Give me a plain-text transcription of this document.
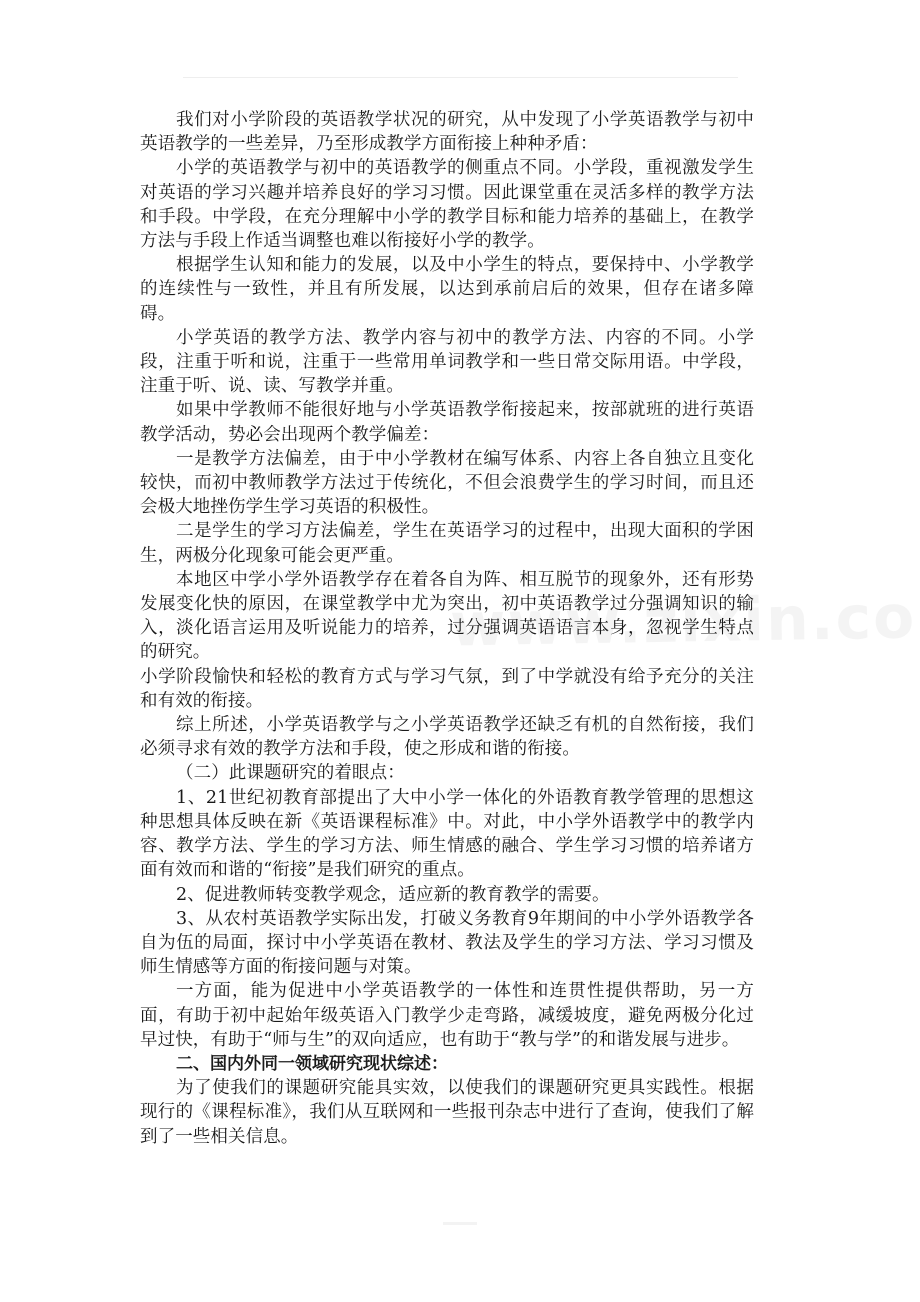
我们对小学阶段的英语教学状况的研究，从中发现了小学英语教学与初中英语教学的一些差异，乃至形成教学方面衔接上种种矛盾：

小学的英语教学与初中的英语教学的侧重点不同。小学段，重视激发学生对英语的学习兴趣并培养良好的学习习惯。因此课堂重在灵活多样的教学方法和手段。中学段，在充分理解中小学的教学目标和能力培养的基础上，在教学方法与手段上作适当调整也难以衔接好小学的教学。

根据学生认知和能力的发展，以及中小学生的特点，要保持中、小学教学的连续性与一致性，并且有所发展，以达到承前启后的效果，但存在诸多障碍。

小学英语的教学方法、教学内容与初中的教学方法、内容的不同。小学段，注重于听和说，注重于一些常用单词教学和一些日常交际用语。中学段，注重于听、说、读、写教学并重。

如果中学教师不能很好地与小学英语教学衔接起来，按部就班的进行英语教学活动，势必会出现两个教学偏差：

一是教学方法偏差，由于中小学教材在编写体系、内容上各自独立且变化较快，而初中教师教学方法过于传统化，不但会浪费学生的学习时间，而且还会极大地挫伤学生学习英语的积极性。

二是学生的学习方法偏差，学生在英语学习的过程中，出现大面积的学困生，两极分化现象可能会更严重。

本地区中学小学外语教学存在着各自为阵、相互脱节的现象外，还有形势发展变化快的原因，在课堂教学中尤为突出，初中英语教学过分强调知识的输入，淡化语言运用及听说能力的培养，过分强调英语语言本身，忽视学生特点的研究。

小学阶段愉快和轻松的教育方式与学习气氛，到了中学就没有给予充分的关注和有效的衔接。

综上所述，小学英语教学与之小学英语教学还缺乏有机的自然衔接，我们必须寻求有效的教学方法和手段，使之形成和谐的衔接。

（二）此课题研究的着眼点：

1、21世纪初教育部提出了大中小学一体化的外语教育教学管理的思想这种思想具体反映在新《英语课程标准》中。对此，中小学外语教学中的教学内容、教学方法、学生的学习方法、师生情感的融合、学生学习习惯的培养诸方面有效而和谐的“衔接”是我们研究的重点。

2、促进教师转变教学观念，适应新的教育教学的需要。

3、从农村英语教学实际出发，打破义务教育9年期间的中小学外语教学各自为伍的局面，探讨中小学英语在教材、教法及学生的学习方法、学习习惯及师生情感等方面的衔接问题与对策。

一方面，能为促进中小学英语教学的一体性和连贯性提供帮助，另一方面，有助于初中起始年级英语入门教学少走弯路，减缓坡度，避免两极分化过早过快，有助于“师与生”的双向适应，也有助于“教与学”的和谐发展与进步。

二、国内外同一领域研究现状综述：

为了使我们的课题研究能具实效，以使我们的课题研究更具实践性。根据现行的《课程标准》，我们从互联网和一些报刊杂志中进行了查询，使我们了解到了一些相关信息。
